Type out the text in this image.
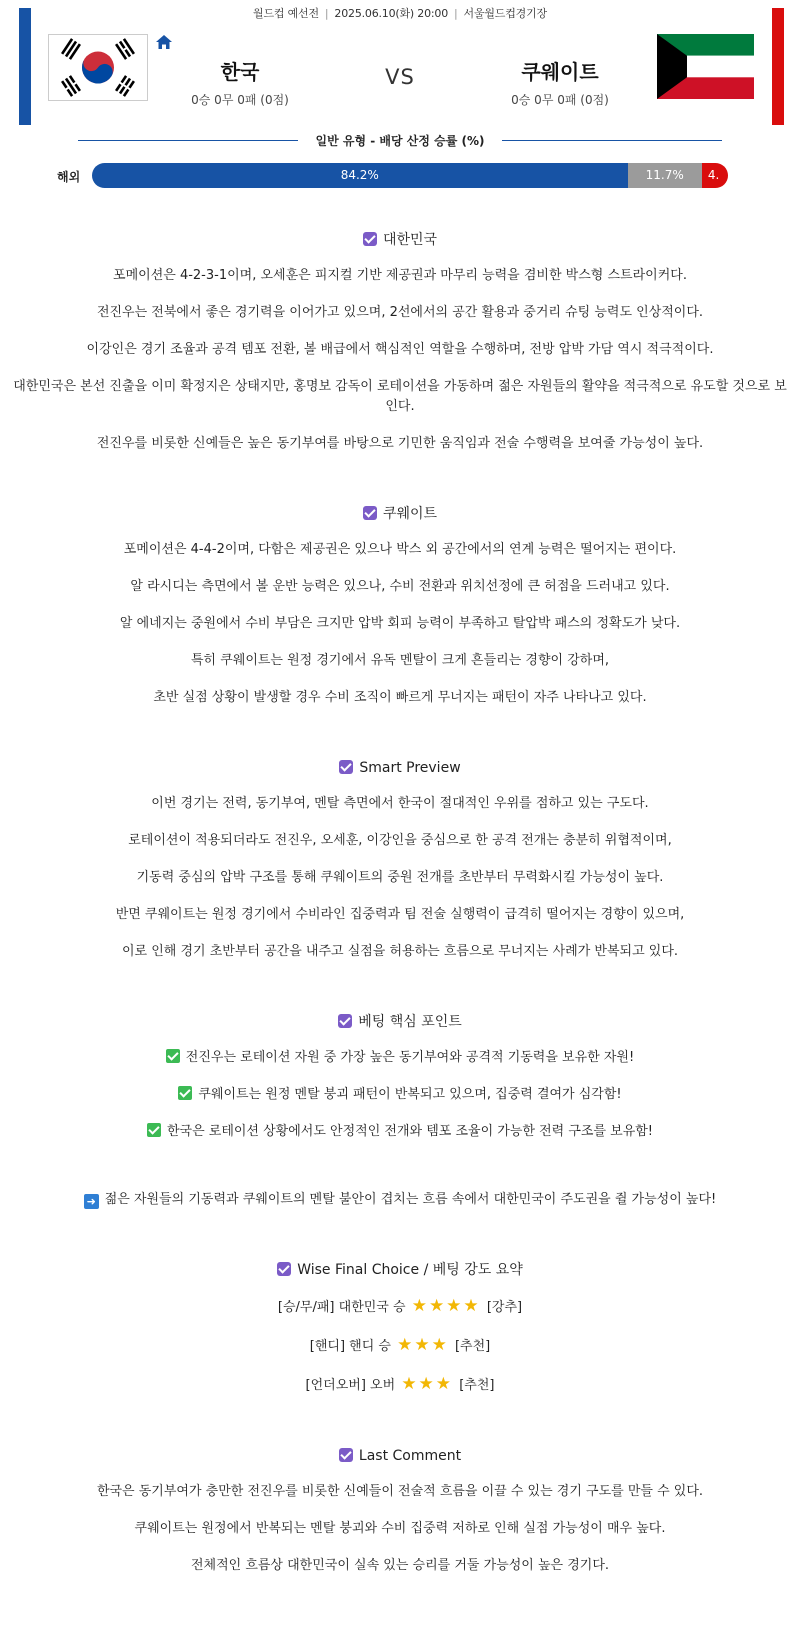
월드컵 예선전 | 2025.06.10(화) 20:00 | 서울월드컵경기장
한국
0승 0무 0패 (0점)
VS	쿠웨이트
0승 0무 0패 (0점)
일반 유형 - 배당 산정 승률 (%)
해외	84.2%	11.7%	4.
대한민국
포메이션은 4-2-3-1이며, 오세훈은 피지컬 기반 제공권과 마무리 능력을 겸비한 박스형 스트라이커다.
전진우는 전북에서 좋은 경기력을 이어가고 있으며, 2선에서의 공간 활용과 중거리 슈팅 능력도 인상적이다.
이강인은 경기 조율과 공격 템포 전환, 볼 배급에서 핵심적인 역할을 수행하며, 전방 압박 가담 역시 적극적이다.
대한민국은 본선 진출을 이미 확정지은 상태지만, 홍명보 감독이 로테이션을 가동하며 젊은 자원들의 활약을 적극적으로 유도할 것으로 보인다.
전진우를 비롯한 신예들은 높은 동기부여를 바탕으로 기민한 움직임과 전술 수행력을 보여줄 가능성이 높다.
쿠웨이트
포메이션은 4-4-2이며, 다함은 제공권은 있으나 박스 외 공간에서의 연계 능력은 떨어지는 편이다.
알 라시디는 측면에서 볼 운반 능력은 있으나, 수비 전환과 위치선정에 큰 허점을 드러내고 있다.
알 에네지는 중원에서 수비 부담은 크지만 압박 회피 능력이 부족하고 탈압박 패스의 정확도가 낮다.
특히 쿠웨이트는 원정 경기에서 유독 멘탈이 크게 흔들리는 경향이 강하며,
초반 실점 상황이 발생할 경우 수비 조직이 빠르게 무너지는 패턴이 자주 나타나고 있다.
Smart Preview
이번 경기는 전력, 동기부여, 멘탈 측면에서 한국이 절대적인 우위를 점하고 있는 구도다.
로테이션이 적용되더라도 전진우, 오세훈, 이강인을 중심으로 한 공격 전개는 충분히 위협적이며,
기동력 중심의 압박 구조를 통해 쿠웨이트의 중원 전개를 초반부터 무력화시킬 가능성이 높다.
반면 쿠웨이트는 원정 경기에서 수비라인 집중력과 팀 전술 실행력이 급격히 떨어지는 경향이 있으며,
이로 인해 경기 초반부터 공간을 내주고 실점을 허용하는 흐름으로 무너지는 사례가 반복되고 있다.
베팅 핵심 포인트
전진우는 로테이션 자원 중 가장 높은 동기부여와 공격적 기동력을 보유한 자원!
쿠웨이트는 원정 멘탈 붕괴 패턴이 반복되고 있으며, 집중력 결여가 심각함!
한국은 로테이션 상황에서도 안정적인 전개와 템포 조율이 가능한 전력 구조를 보유함!
➜ 젊은 자원들의 기동력과 쿠웨이트의 멘탈 불안이 겹치는 흐름 속에서 대한민국이 주도권을 쥘 가능성이 높다!
Wise Final Choice / 베팅 강도 요약
[승/무/패] 대한민국 승 ★★★★ [강추]
[핸디] 핸디 승 ★★★ [추천]
[언더오버] 오버 ★★★ [추천]
Last Comment
한국은 동기부여가 충만한 전진우를 비롯한 신예들이 전술적 흐름을 이끌 수 있는 경기 구도를 만들 수 있다.
쿠웨이트는 원정에서 반복되는 멘탈 붕괴와 수비 집중력 저하로 인해 실점 가능성이 매우 높다.
전체적인 흐름상 대한민국이 실속 있는 승리를 거둘 가능성이 높은 경기다.
